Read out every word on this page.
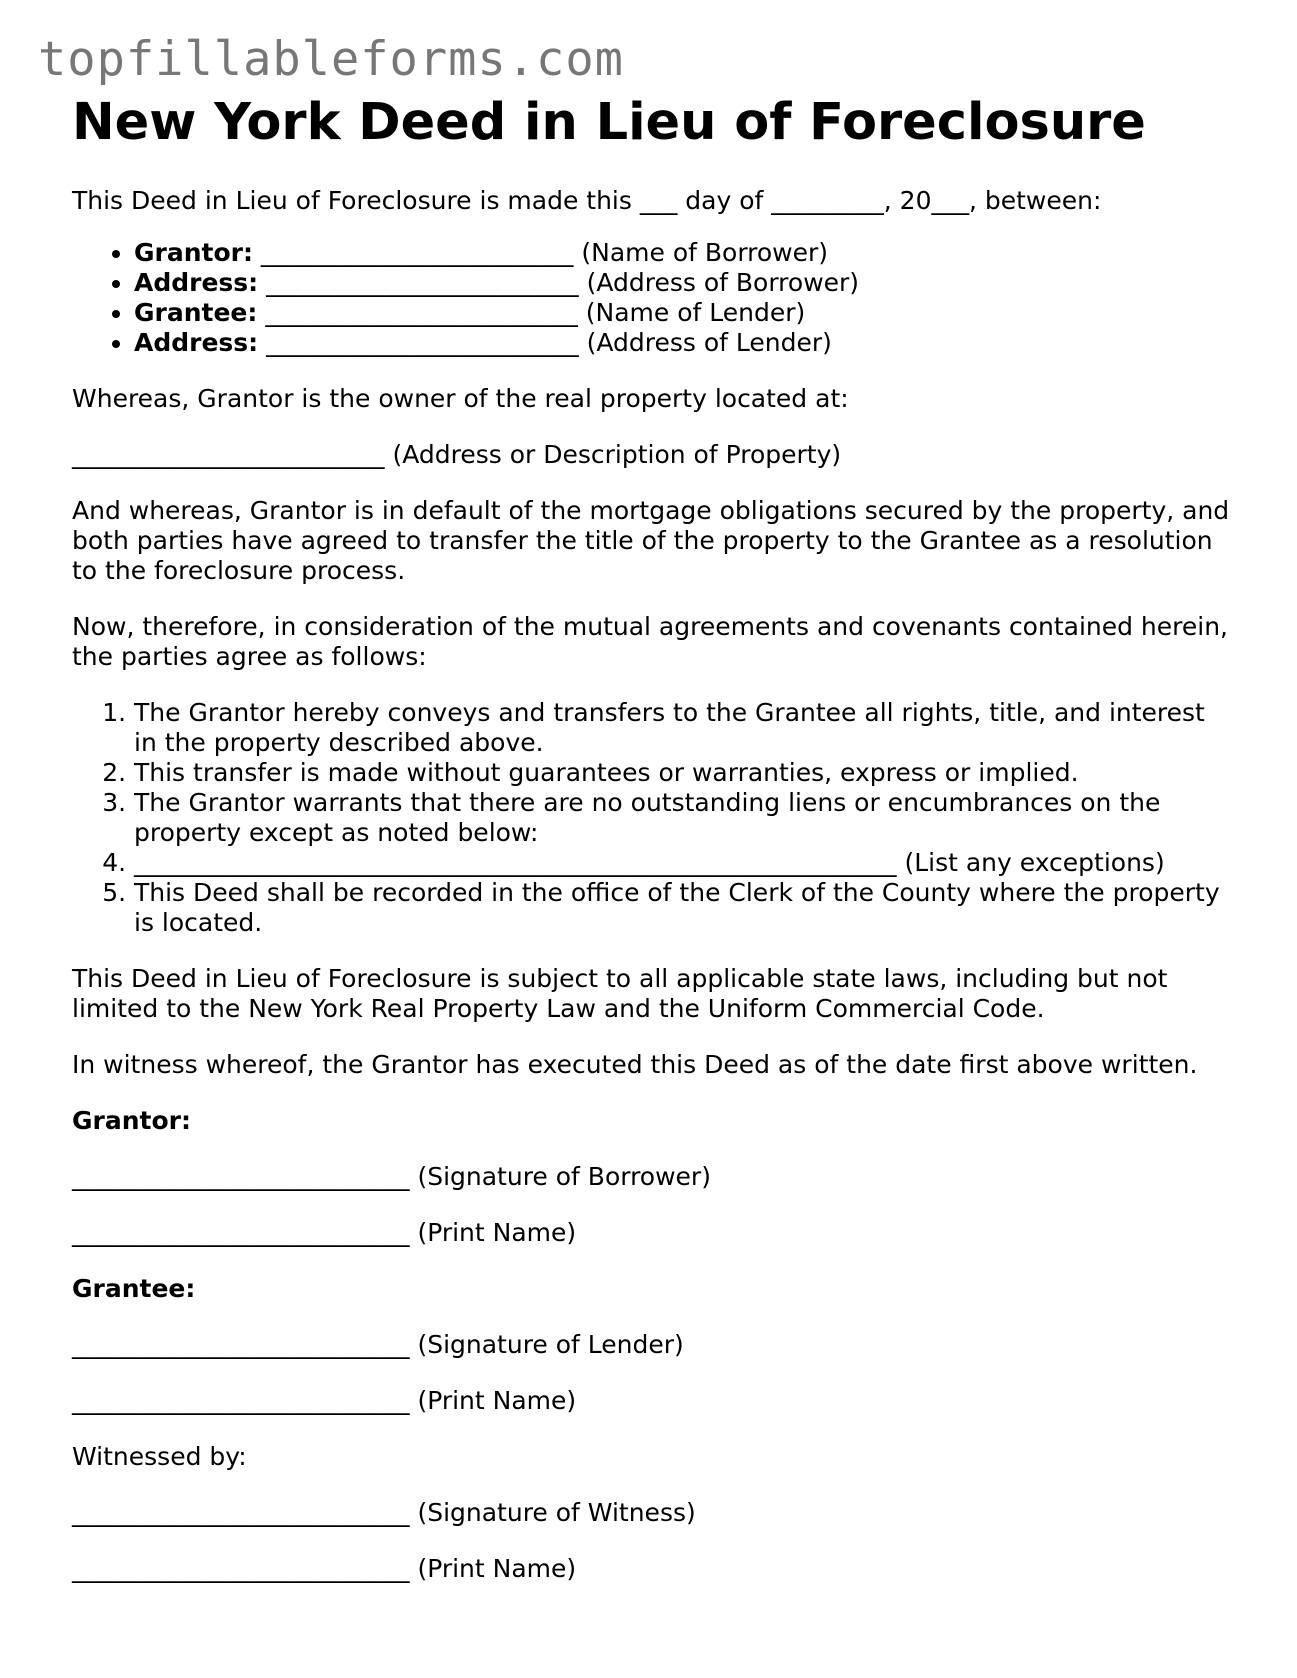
topfillableforms.com
New York Deed in Lieu of Foreclosure

This Deed in Lieu of Foreclosure is made this ___ day of _________, 20___, between:

• Grantor: _________________________ (Name of Borrower)
• Address: _________________________ (Address of Borrower)
• Grantee: _________________________ (Name of Lender)
• Address: _________________________ (Address of Lender)

Whereas, Grantor is the owner of the real property located at:

_________________________ (Address or Description of Property)

And whereas, Grantor is in default of the mortgage obligations secured by the property, and both parties have agreed to transfer the title of the property to the Grantee as a resolution to the foreclosure process.

Now, therefore, in consideration of the mutual agreements and covenants contained herein, the parties agree as follows:

1. The Grantor hereby conveys and transfers to the Grantee all rights, title, and interest in the property described above.
2. This transfer is made without guarantees or warranties, express or implied.
3. The Grantor warrants that there are no outstanding liens or encumbrances on the property except as noted below:
4. _____________________________________________________________ (List any exceptions)
5. This Deed shall be recorded in the office of the Clerk of the County where the property is located.

This Deed in Lieu of Foreclosure is subject to all applicable state laws, including but not limited to the New York Real Property Law and the Uniform Commercial Code.

In witness whereof, the Grantor has executed this Deed as of the date first above written.

Grantor:

___________________________ (Signature of Borrower)

___________________________ (Print Name)

Grantee:

___________________________ (Signature of Lender)

___________________________ (Print Name)

Witnessed by:

___________________________ (Signature of Witness)

___________________________ (Print Name)
